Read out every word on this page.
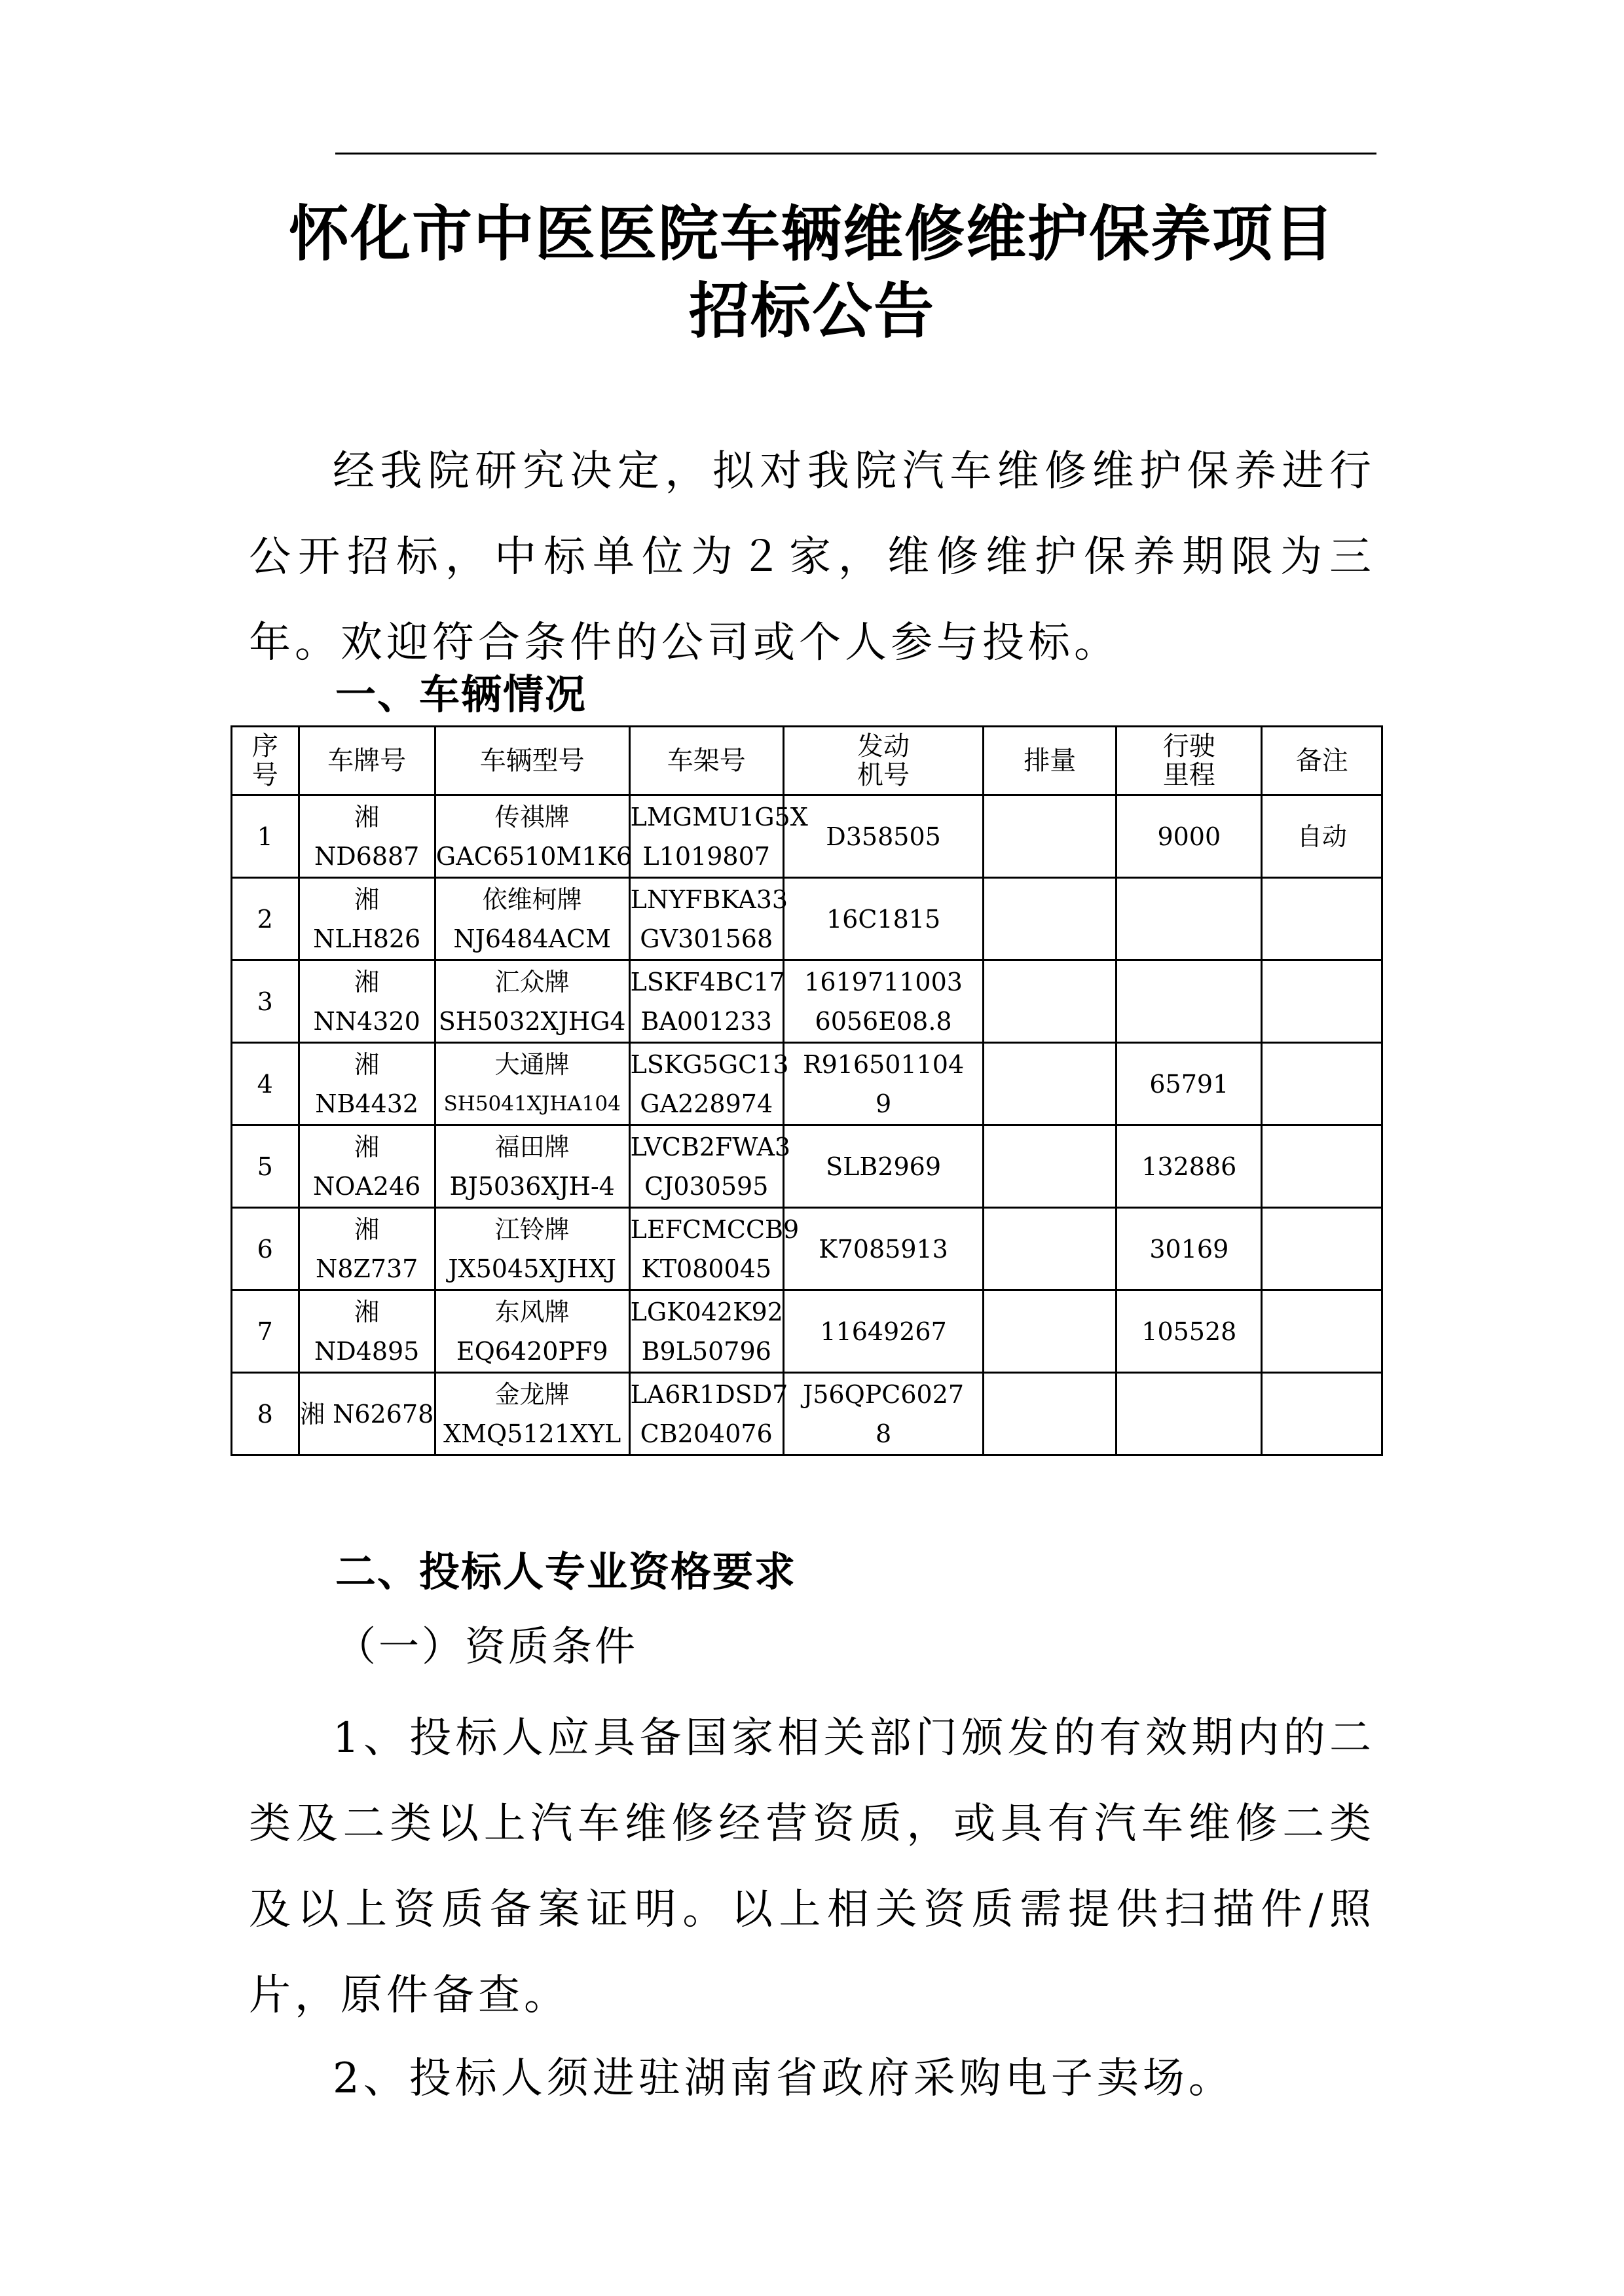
怀化市中医医院车辆维修维护保养项目
招标公告

经我院研究决定，拟对我院汽车维修维护保养进行公开招标，中标单位为２家，维修维护保养期限为三年。欢迎符合条件的公司或个人参与投标。

一、车辆情况
序
号	车牌号	车辆型号	车架号	发动
机号	排量	行驶
里程	备注
1	湘 ND6887	传祺牌
GAC6510M1K6	LMGMU1G5X
L1019807	D358505		9000	自动
2	湘 NLH826	依维柯牌
NJ6484ACM	LNYFBKA33
GV301568	16C1815			

3	湘 NN4320	汇众牌
SH5032XJHG4	LSKF4BC17
BA001233	1619711003
6056E08.8			

4	湘 NB4432	大通牌
SH5041XJHA104	LSKG5GC13
GA228974	R916501104
9		65791	
5	湘 NOA246	福田牌
BJ5036XJH-4	LVCB2FWA3
CJ030595	SLB2969		132886	
6	湘 N8Z737	江铃牌
JX5045XJHXJ	LEFCMCCB9
KT080045	K7085913		30169	
7	湘 ND4895	东风牌
EQ6420PF9	LGK042K92
B9L50796	11649267		105528	
8	湘 N62678	金龙牌
XMQ5121XYL	LA6R1DSD7
CB204076	J56QPC6027
8			

二、投标人专业资格要求
（一）资质条件

1、投标人应具备国家相关部门颁发的有效期内的二类及二类以上汽车维修经营资质，或具有汽车维修二类及以上资质备案证明。以上相关资质需提供扫描件/照片，原件备查。

2、投标人须进驻湖南省政府采购电子卖场。
